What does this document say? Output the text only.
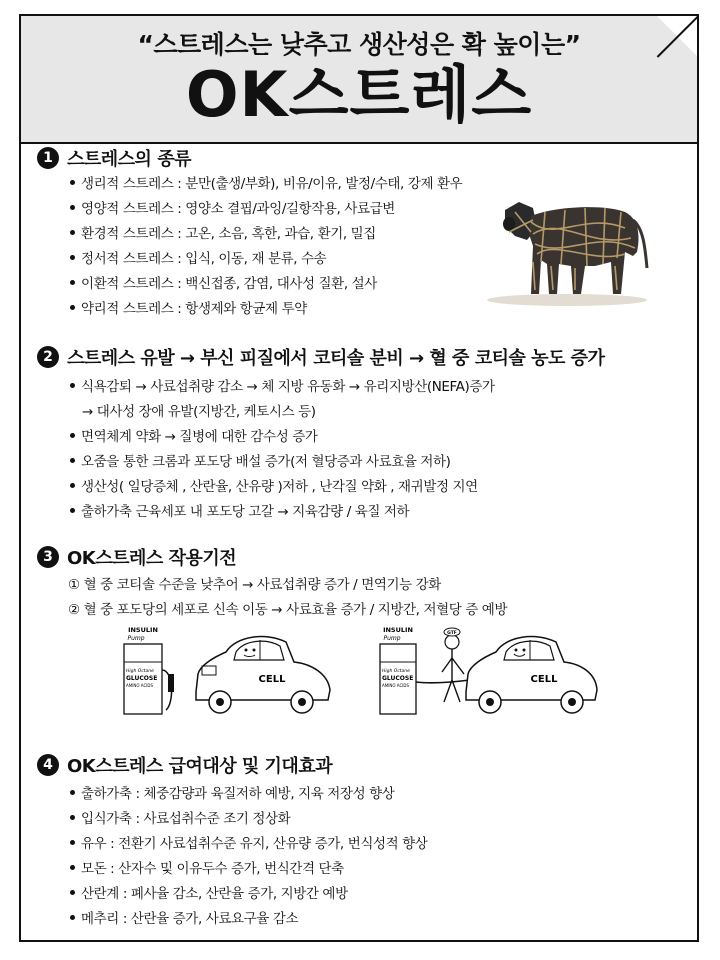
“스트레스는 낮추고 생산성은 확 높이는”
OK스트레스
1 스트레스의 종류
생리적 스트레스 : 분만(출생/부화), 비유/이유, 발정/수태, 강제 환우
영양적 스트레스 : 영양소 결핍/과잉/길항작용, 사료급변
환경적 스트레스 : 고온, 소음, 혹한, 과습, 환기, 밀집
정서적 스트레스 : 입식, 이동, 재 분류, 수송
이환적 스트레스 : 백신접종, 감염, 대사성 질환, 설사
약리적 스트레스 : 항생제와 항균제 투약
2 스트레스 유발 → 부신 피질에서 코티솔 분비 → 혈 중 코티솔 농도 증가
식욕감퇴 → 사료섭취량 감소 → 체 지방 유동화 → 유리지방산(NEFA)증가
→ 대사성 장애 유발(지방간, 케토시스 등)
면역체계 약화 → 질병에 대한 감수성 증가
오줌을 통한 크롬과 포도당 배설 증가(저 혈당증과 사료효율 저하)
생산성( 일당증체 , 산란율, 산유량 )저하 , 난각질 약화 , 재귀발정 지연
출하가축 근육세포 내 포도당 고갈 → 지육감량 / 육질 저하
3 OK스트레스 작용기전
① 혈 중 코티솔 수준을 낮추어 → 사료섭취량 증가 / 면역기능 강화
② 혈 중 포도당의 세포로 신속 이동 → 사료효율 증가 / 지방간, 저혈당 증 예방
4 OK스트레스 급여대상 및 기대효과
출하가축 : 체중감량과 육질저하 예방, 지육 저장성 향상
입식가축 : 사료섭취수준 조기 정상화
유우 : 전환기 사료섭취수준 유지, 산유량 증가, 번식성적 향상
모돈 : 산자수 및 이유두수 증가, 번식간격 단축
산란계 : 폐사율 감소, 산란율 증가, 지방간 예방
메추리 : 산란율 증가, 사료요구율 감소
INSULIN
Pump
High Octane
GLUCOSE
AMINO ACIDS
CELL
INSULIN
Pump
High Octane
GLUCOSE
AMINO ACIDS
GTF
CELL
